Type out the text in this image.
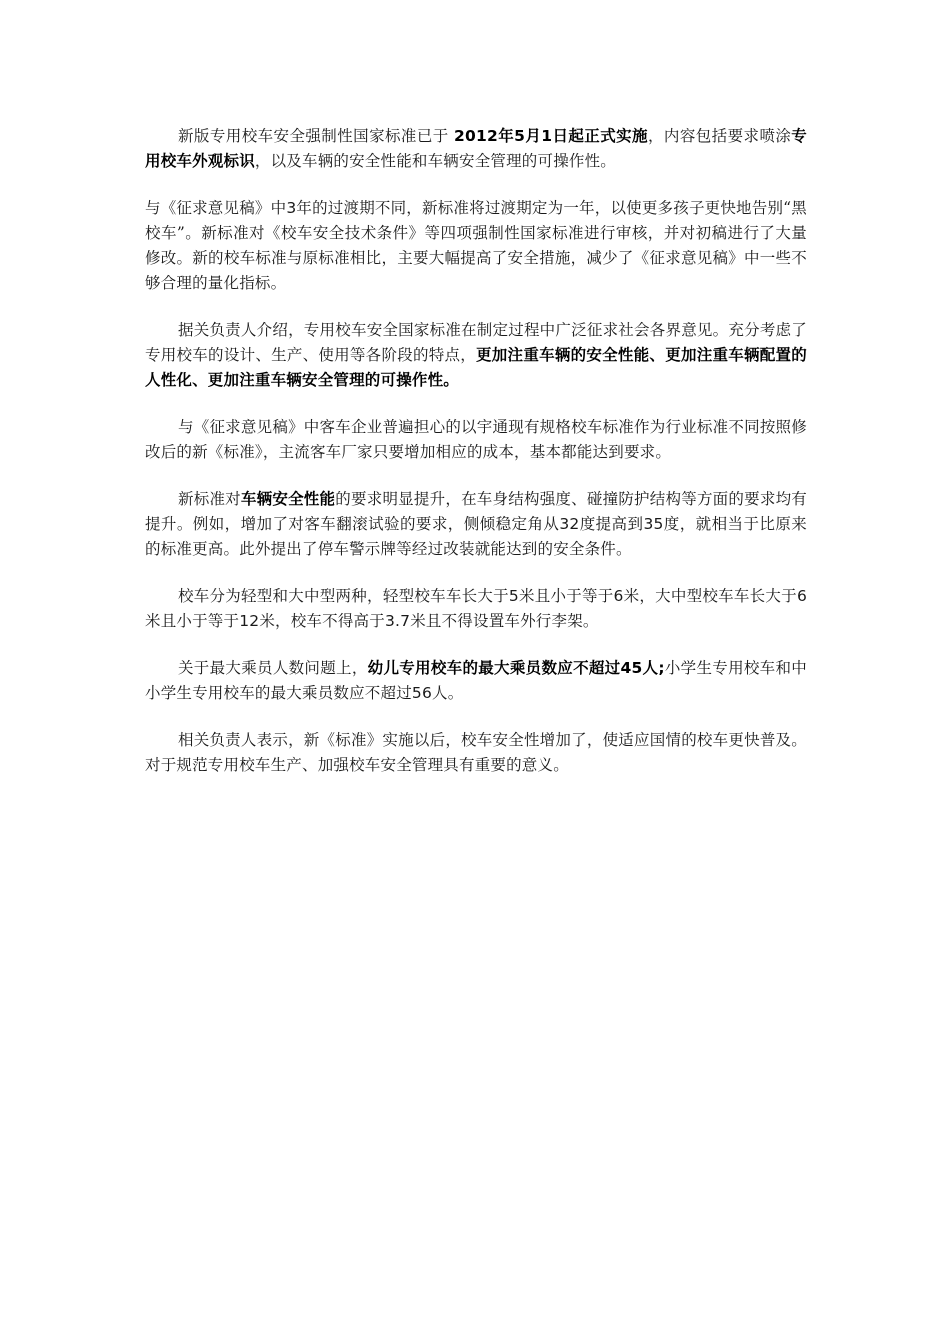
新版专用校车安全强制性国家标准已于 2012年5月1日起正式实施，内容包括要求喷涂专用校车外观标识，以及车辆的安全性能和车辆安全管理的可操作性。

与《征求意见稿》中3年的过渡期不同，新标准将过渡期定为一年，以使更多孩子更快地告别“黑校车”。新标准对《校车安全技术条件》等四项强制性国家标准进行审核，并对初稿进行了大量修改。新的校车标准与原标准相比，主要大幅提高了安全措施，减少了《征求意见稿》中一些不够合理的量化指标。

据关负责人介绍，专用校车安全国家标准在制定过程中广泛征求社会各界意见。充分考虑了专用校车的设计、生产、使用等各阶段的特点，更加注重车辆的安全性能、更加注重车辆配置的人性化、更加注重车辆安全管理的可操作性。

与《征求意见稿》中客车企业普遍担心的以宇通现有规格校车标准作为行业标准不同按照修改后的新《标准》，主流客车厂家只要增加相应的成本，基本都能达到要求。

新标准对车辆安全性能的要求明显提升，在车身结构强度、碰撞防护结构等方面的要求均有提升。例如，增加了对客车翻滚试验的要求，侧倾稳定角从32度提高到35度，就相当于比原来的标准更高。此外提出了停车警示牌等经过改装就能达到的安全条件。

校车分为轻型和大中型两种，轻型校车车长大于5米且小于等于6米，大中型校车车长大于6米且小于等于12米，校车不得高于3.7米且不得设置车外行李架。

关于最大乘员人数问题上，幼儿专用校车的最大乘员数应不超过45人;小学生专用校车和中小学生专用校车的最大乘员数应不超过56人。

相关负责人表示，新《标准》实施以后，校车安全性增加了，使适应国情的校车更快普及。对于规范专用校车生产、加强校车安全管理具有重要的意义。
